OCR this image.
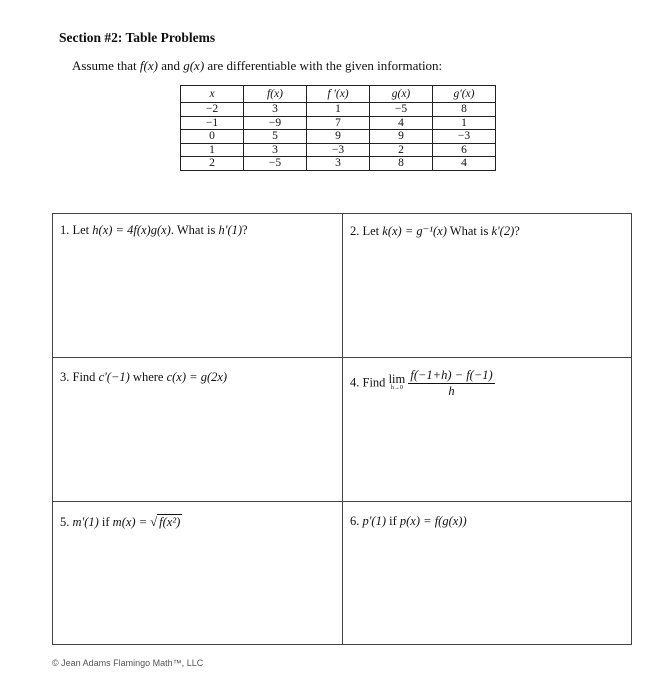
Section #2: Table Problems
Assume that f(x) and g(x) are differentiable with the given information:
x	f(x)	f '(x)	g(x)	g'(x)
−2	3	1	−5	8
−1	−9	7	4	1
0	5	9	9	−3
1	3	−3	2	6
2	−5	3	8	4
1. Let h(x) = 4f(x)g(x). What is h'(1)?	2. Let k(x) = g⁻¹(x) What is k'(2)?
3. Find c'(−1) where c(x) = g(2x)	4. Find lim
h→0
$\frac{f(-1+h) - f(-1)}{h}$
5. m'(1) if m(x) = √ f(x²)	6. p'(1) if p(x) = f(g(x))
© Jean Adams Flamingo Math™, LLC
